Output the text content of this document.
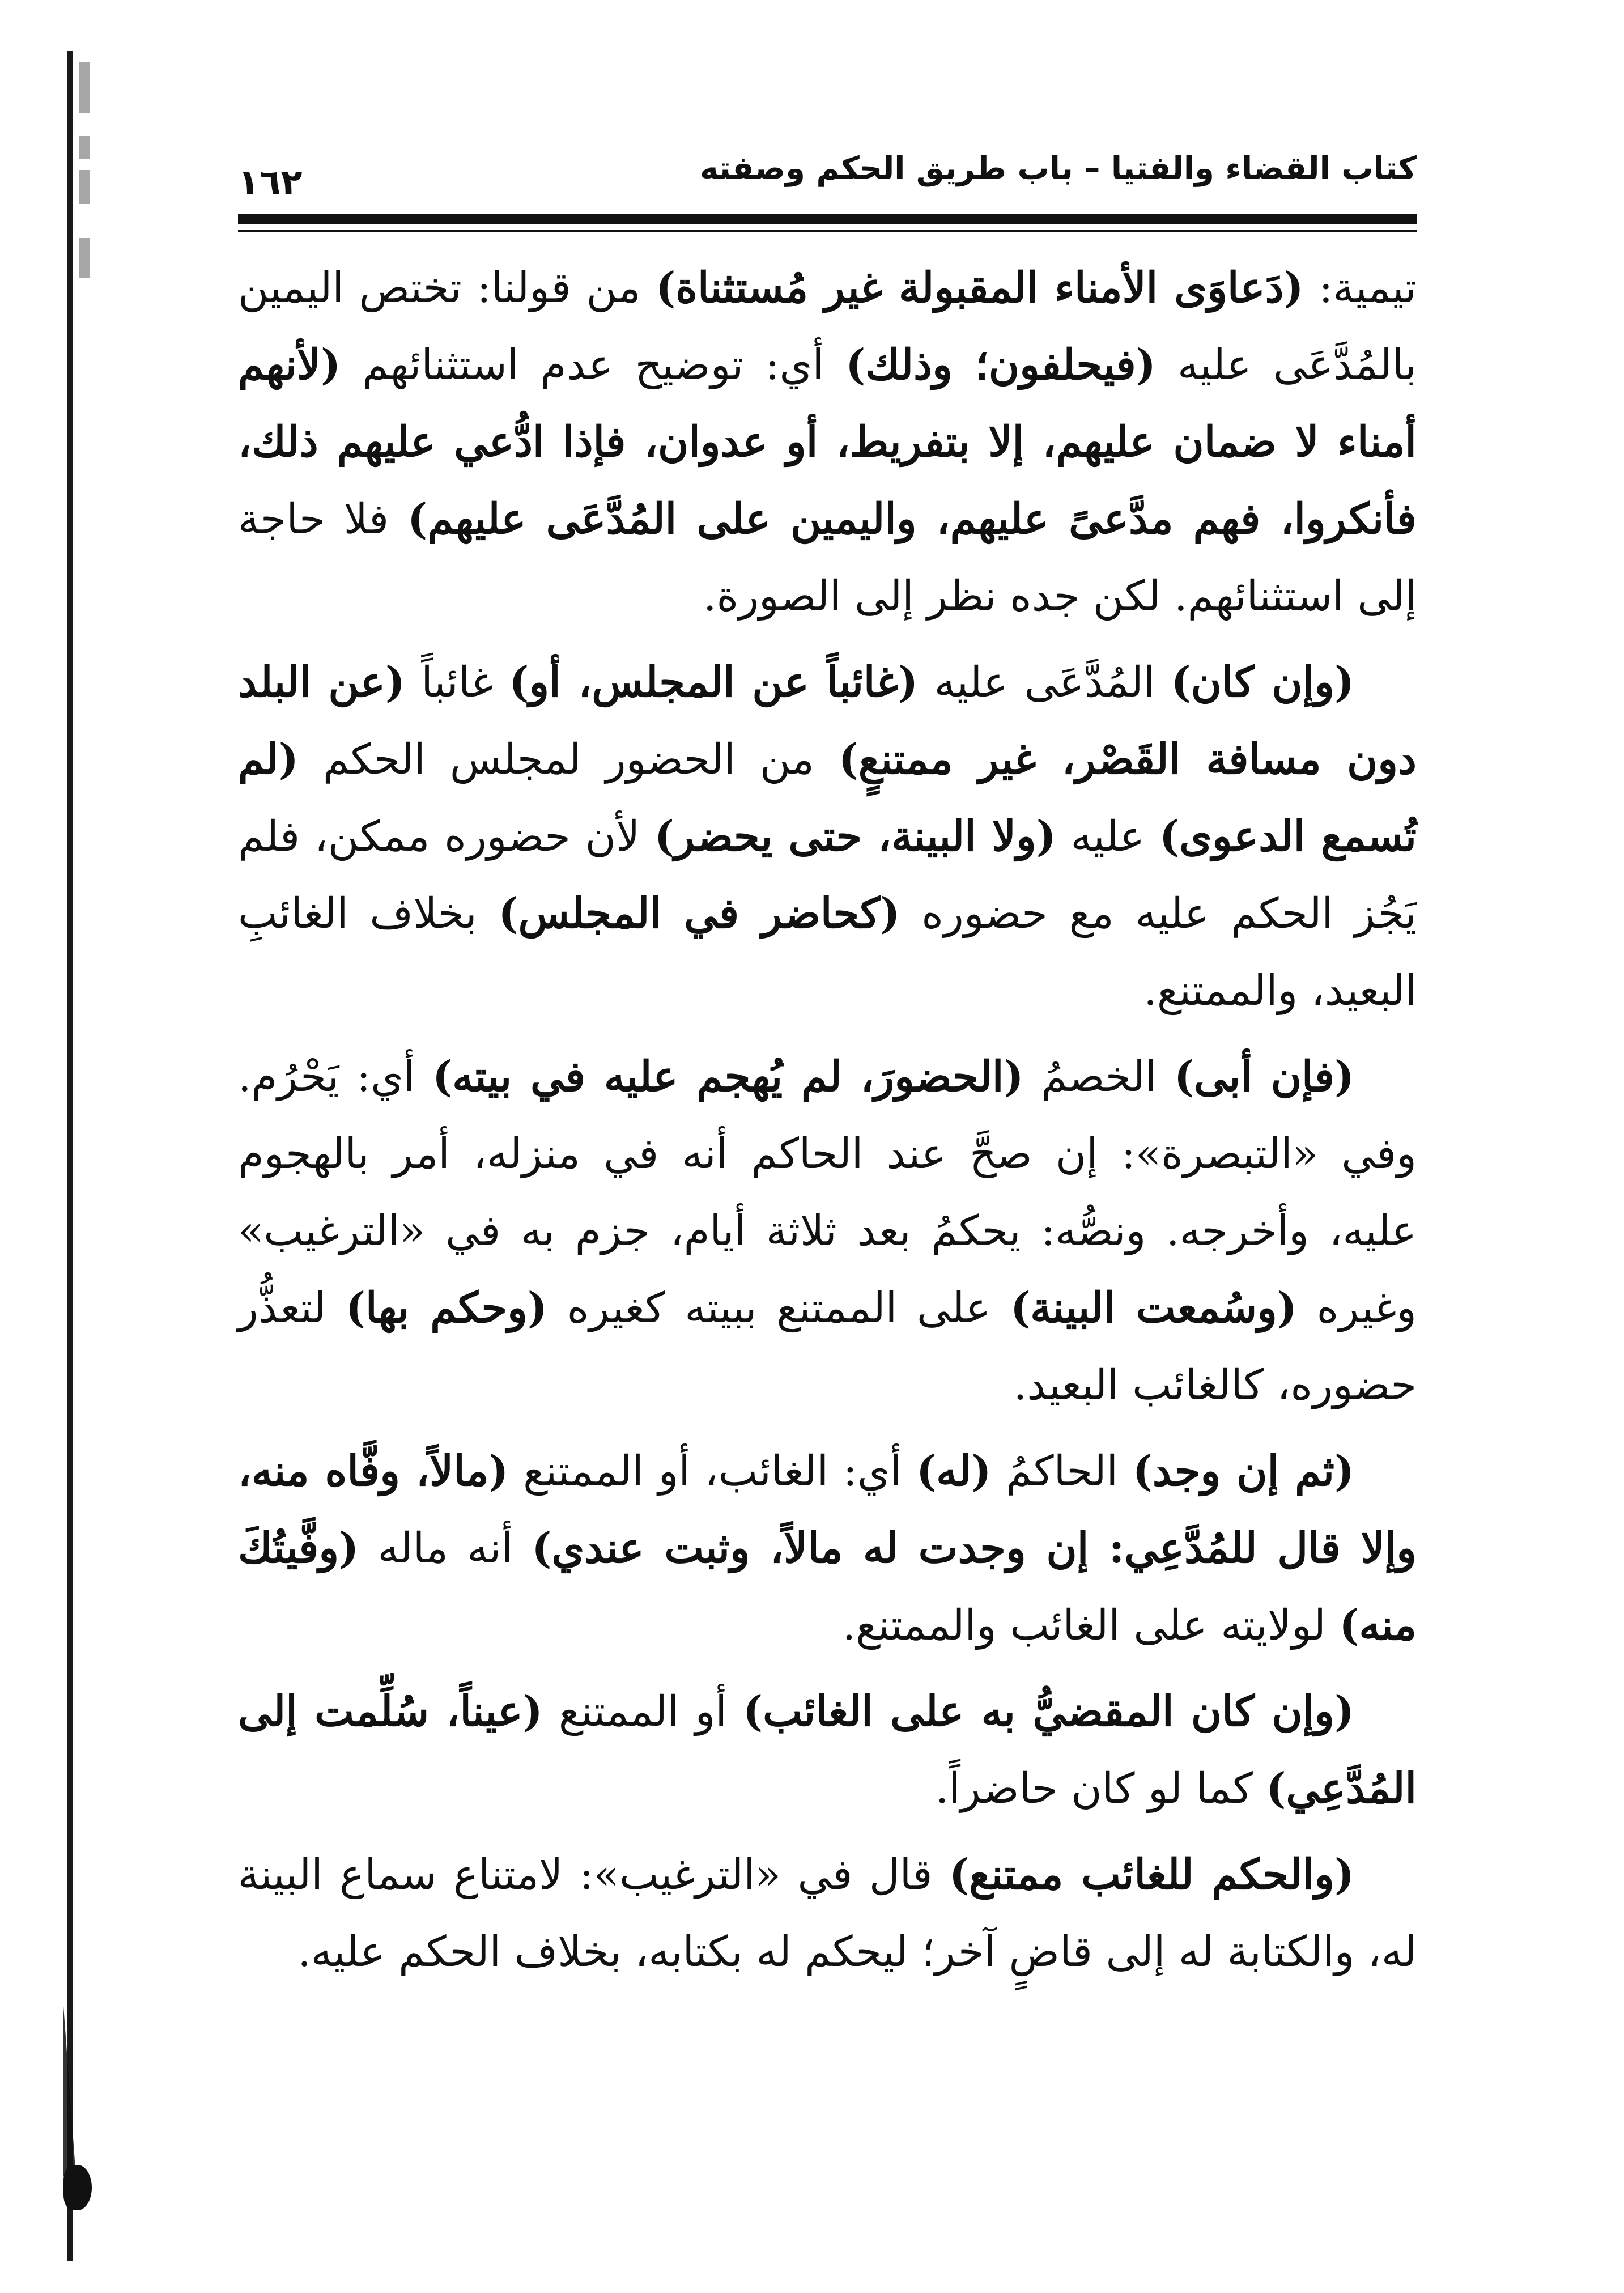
كتاب القضاء والفتيا – باب طريق الحكم وصفته
١٦٢

تيمية: (دَعاوَى الأمناء المقبولة غير مُستثناة) من قولنا: تختص اليمين بالمُدَّعَى عليه (فيحلفون؛ وذلك) أي: توضيح عدم استثنائهم (لأنهم أمناء لا ضمان عليهم، إلا بتفريط، أو عدوان، فإذا ادُّعي عليهم ذلك، فأنكروا، فهم مدَّعىً عليهم، واليمين على المُدَّعَى عليهم) فلا حاجة إلى استثنائهم. لكن جده نظر إلى الصورة.

(وإن كان) المُدَّعَى عليه (غائباً عن المجلس، أو) غائباً (عن البلد دون مسافة القَصْر، غير ممتنعٍ) من الحضور لمجلس الحكم (لم تُسمع الدعوى) عليه (ولا البينة، حتى يحضر) لأن حضوره ممكن، فلم يَجُز الحكم عليه مع حضوره (كحاضر في المجلس) بخلاف الغائبِ البعيد، والممتنع.

(فإن أبى) الخصمُ (الحضورَ، لم يُهجم عليه في بيته) أي: يَحْرُم. وفي «التبصرة»: إن صحَّ عند الحاكم أنه في منزله، أمر بالهجوم عليه، وأخرجه. ونصُّه: يحكمُ بعد ثلاثة أيام، جزم به في «الترغيب» وغيره (وسُمعت البينة) على الممتنع ببيته كغيره (وحكم بها) لتعذُّر حضوره، كالغائب البعيد.

(ثم إن وجد) الحاكمُ (له) أي: الغائب، أو الممتنع (مالاً، وفَّاه منه، وإلا قال للمُدَّعِي: إن وجدت له مالاً، وثبت عندي) أنه ماله (وفَّيتُكَ منه) لولايته على الغائب والممتنع.

(وإن كان المقضيُّ به على الغائب) أو الممتنع (عيناً، سُلِّمت إلى المُدَّعِي) كما لو كان حاضراً.

(والحكم للغائب ممتنع) قال في «الترغيب»: لامتناع سماع البينة له، والكتابة له إلى قاضٍ آخر؛ ليحكم له بكتابه، بخلاف الحكم عليه.
